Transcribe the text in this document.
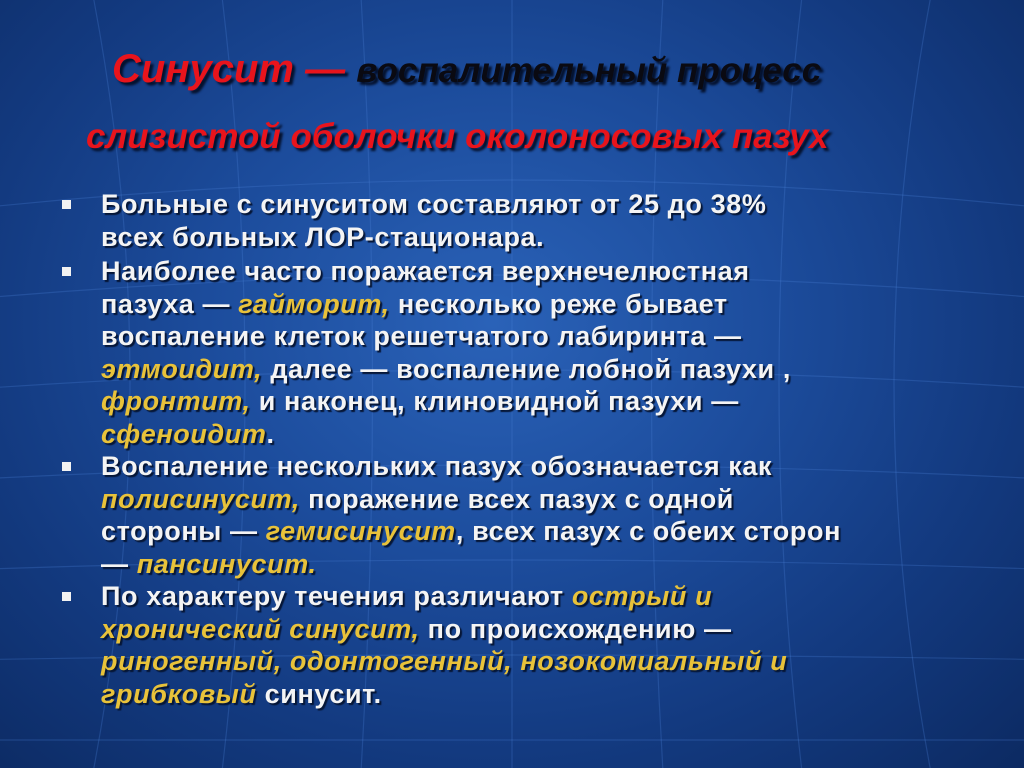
Синусит — воспалительный процесс
слизистой оболочки околоносовых пазух
Больные с синуситом составляют от 25 до 38%
всех больных ЛОР-стационара.
Наиболее часто поражается верхнечелюстная
пазуха — гайморит, несколько реже бывает
воспаление клеток решетчатого лабиринта —
этмоидит, далее — воспаление лобной пазухи ,
фронтит, и наконец, клиновидной пазухи —
сфеноидит.
Воспаление нескольких пазух обозначается как
полисинусит, поражение всех пазух с одной
стороны — гемисинусит, всех пазух с обеих сторон
— пансинусит.
По характеру течения различают острый и
хронический синусит, по происхождению —
риногенный, одонтогенный, нозокомиальный и
грибковый синусит.
